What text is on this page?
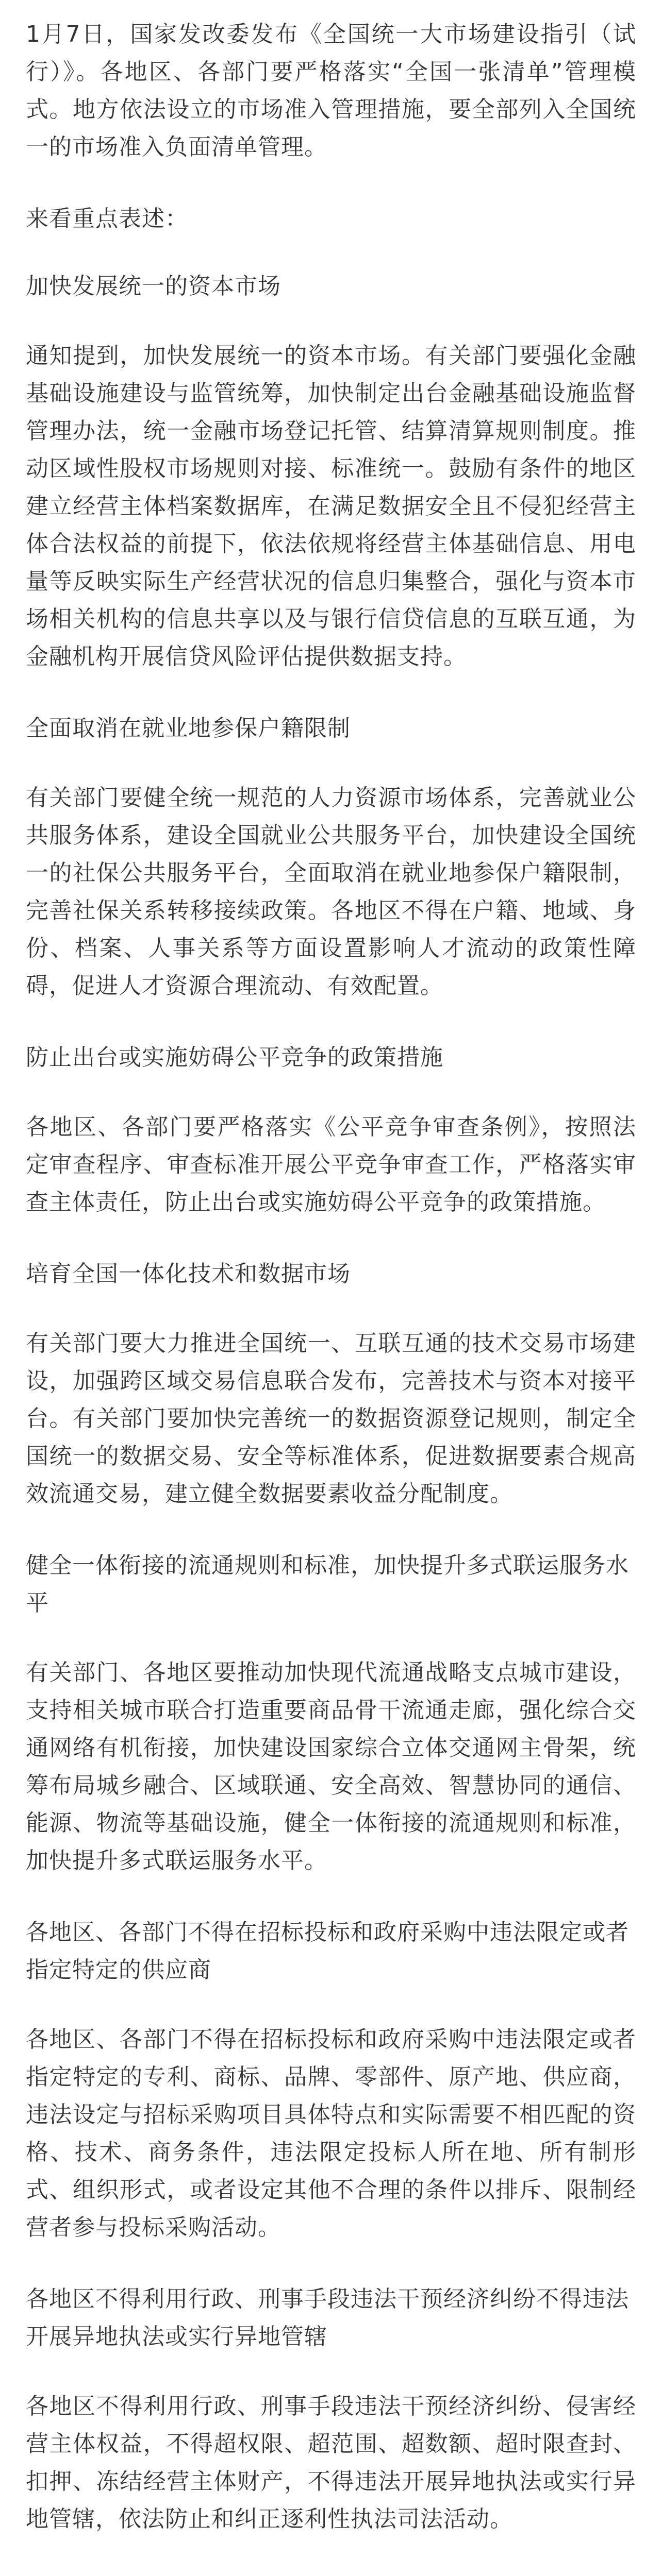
1月7日，国家发改委发布《全国统一大市场建设指引（试行）》。各地区、各部门要严格落实“全国一张清单”管理模式。地方依法设立的市场准入管理措施，要全部列入全国统一的市场准入负面清单管理。

来看重点表述：

加快发展统一的资本市场

通知提到，加快发展统一的资本市场。有关部门要强化金融基础设施建设与监管统筹，加快制定出台金融基础设施监督管理办法，统一金融市场登记托管、结算清算规则制度。推动区域性股权市场规则对接、标准统一。鼓励有条件的地区建立经营主体档案数据库，在满足数据安全且不侵犯经营主体合法权益的前提下，依法依规将经营主体基础信息、用电量等反映实际生产经营状况的信息归集整合，强化与资本市场相关机构的信息共享以及与银行信贷信息的互联互通，为金融机构开展信贷风险评估提供数据支持。

全面取消在就业地参保户籍限制

有关部门要健全统一规范的人力资源市场体系，完善就业公共服务体系，建设全国就业公共服务平台，加快建设全国统一的社保公共服务平台，全面取消在就业地参保户籍限制，完善社保关系转移接续政策。各地区不得在户籍、地域、身份、档案、人事关系等方面设置影响人才流动的政策性障碍，促进人才资源合理流动、有效配置。

防止出台或实施妨碍公平竞争的政策措施

各地区、各部门要严格落实《公平竞争审查条例》，按照法定审查程序、审查标准开展公平竞争审查工作，严格落实审查主体责任，防止出台或实施妨碍公平竞争的政策措施。

培育全国一体化技术和数据市场

有关部门要大力推进全国统一、互联互通的技术交易市场建设，加强跨区域交易信息联合发布，完善技术与资本对接平台。有关部门要加快完善统一的数据资源登记规则，制定全国统一的数据交易、安全等标准体系，促进数据要素合规高效流通交易，建立健全数据要素收益分配制度。

健全一体衔接的流通规则和标准，加快提升多式联运服务水平

有关部门、各地区要推动加快现代流通战略支点城市建设，支持相关城市联合打造重要商品骨干流通走廊，强化综合交通网络有机衔接，加快建设国家综合立体交通网主骨架，统筹布局城乡融合、区域联通、安全高效、智慧协同的通信、能源、物流等基础设施，健全一体衔接的流通规则和标准，加快提升多式联运服务水平。

各地区、各部门不得在招标投标和政府采购中违法限定或者指定特定的供应商

各地区、各部门不得在招标投标和政府采购中违法限定或者指定特定的专利、商标、品牌、零部件、原产地、供应商，违法设定与招标采购项目具体特点和实际需要不相匹配的资格、技术、商务条件，违法限定投标人所在地、所有制形式、组织形式，或者设定其他不合理的条件以排斥、限制经营者参与投标采购活动。

各地区不得利用行政、刑事手段违法干预经济纠纷不得违法开展异地执法或实行异地管辖

各地区不得利用行政、刑事手段违法干预经济纠纷、侵害经营主体权益，不得超权限、超范围、超数额、超时限查封、扣押、冻结经营主体财产，不得违法开展异地执法或实行异地管辖，依法防止和纠正逐利性执法司法活动。
